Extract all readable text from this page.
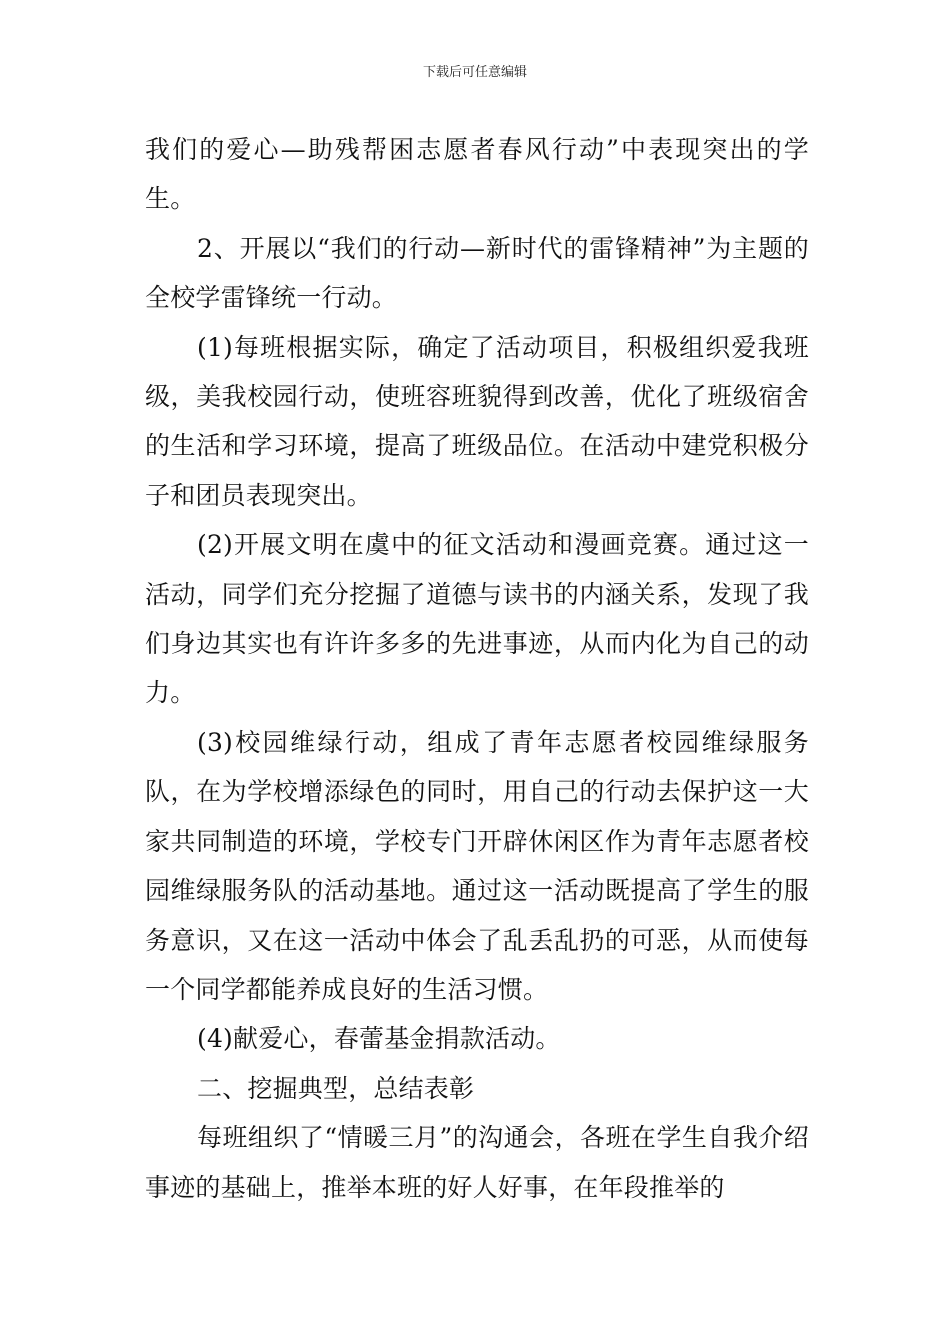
下载后可任意编辑

我们的爱心—助残帮困志愿者春风行动”中表现突出的学生。

2、开展以“我们的行动—新时代的雷锋精神”为主题的全校学雷锋统一行动。

(1)每班根据实际，确定了活动项目，积极组织爱我班级，美我校园行动，使班容班貌得到改善，优化了班级宿舍的生活和学习环境，提高了班级品位。在活动中建党积极分子和团员表现突出。

(2)开展文明在虞中的征文活动和漫画竞赛。通过这一活动，同学们充分挖掘了道德与读书的内涵关系，发现了我们身边其实也有许许多多的先进事迹，从而内化为自己的动力。

(3)校园维绿行动，组成了青年志愿者校园维绿服务队，在为学校增添绿色的同时，用自己的行动去保护这一大家共同制造的环境，学校专门开辟休闲区作为青年志愿者校园维绿服务队的活动基地。通过这一活动既提高了学生的服务意识，又在这一活动中体会了乱丢乱扔的可恶，从而使每一个同学都能养成良好的生活习惯。

(4)献爱心，春蕾基金捐款活动。

二、挖掘典型，总结表彰

每班组织了“情暖三月”的沟通会，各班在学生自我介绍事迹的基础上，推举本班的好人好事，在年段推举的
